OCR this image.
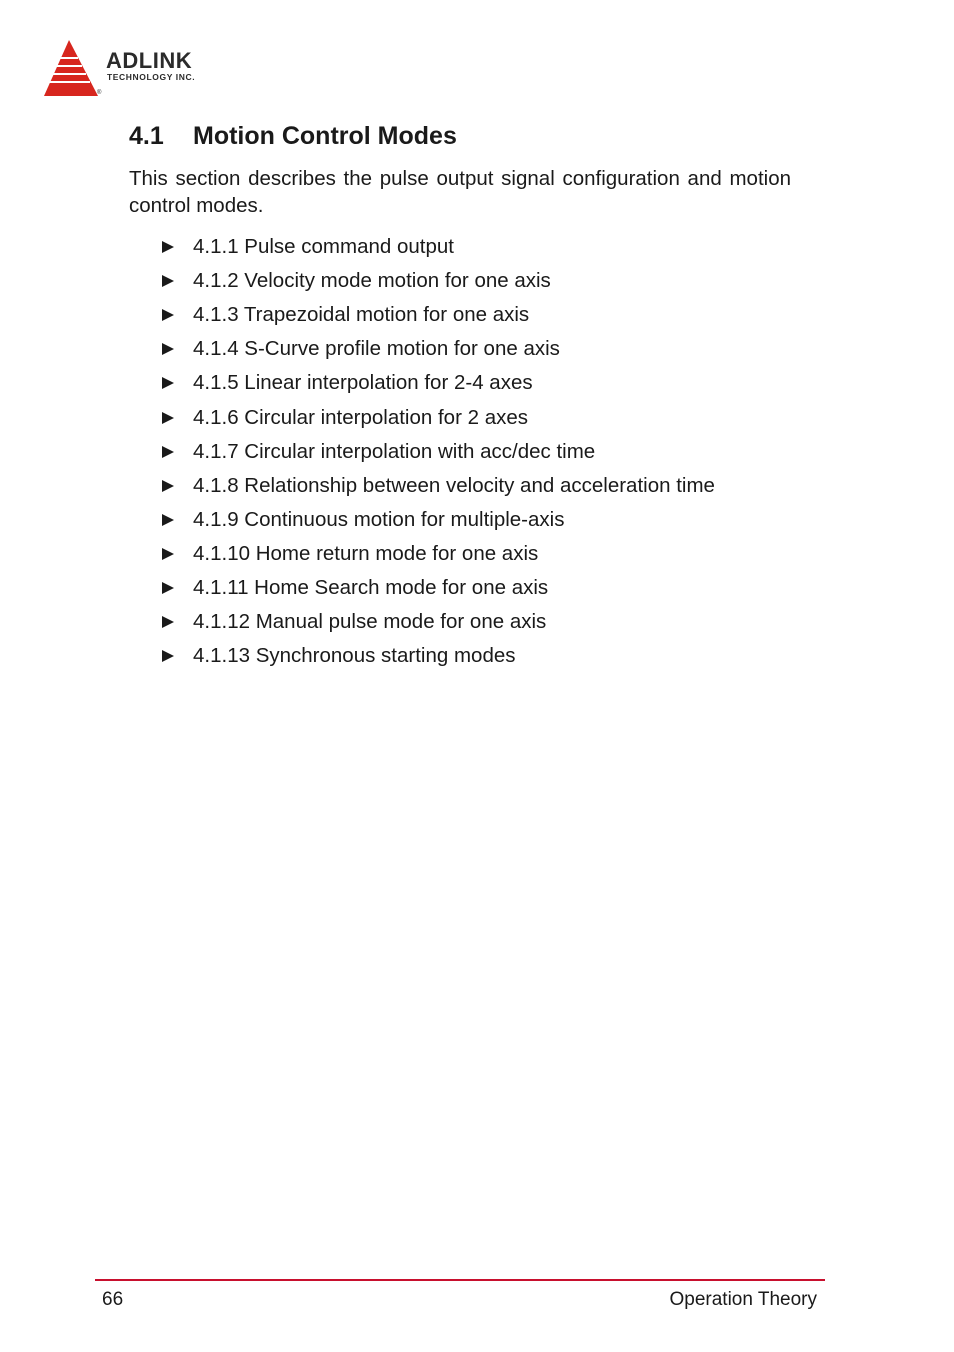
ADLINK
TECHNOLOGY INC.
®
4.1 Motion Control Modes

This section describes the pulse output signal configuration and motion control modes.

4.1.1 Pulse command output
4.1.2 Velocity mode motion for one axis
4.1.3 Trapezoidal motion for one axis
4.1.4 S-Curve profile motion for one axis
4.1.5 Linear interpolation for 2-4 axes
4.1.6 Circular interpolation for 2 axes
4.1.7 Circular interpolation with acc/dec time
4.1.8 Relationship between velocity and acceleration time
4.1.9 Continuous motion for multiple-axis
4.1.10 Home return mode for one axis
4.1.11 Home Search mode for one axis
4.1.12 Manual pulse mode for one axis
4.1.13 Synchronous starting modes
66	Operation Theory
